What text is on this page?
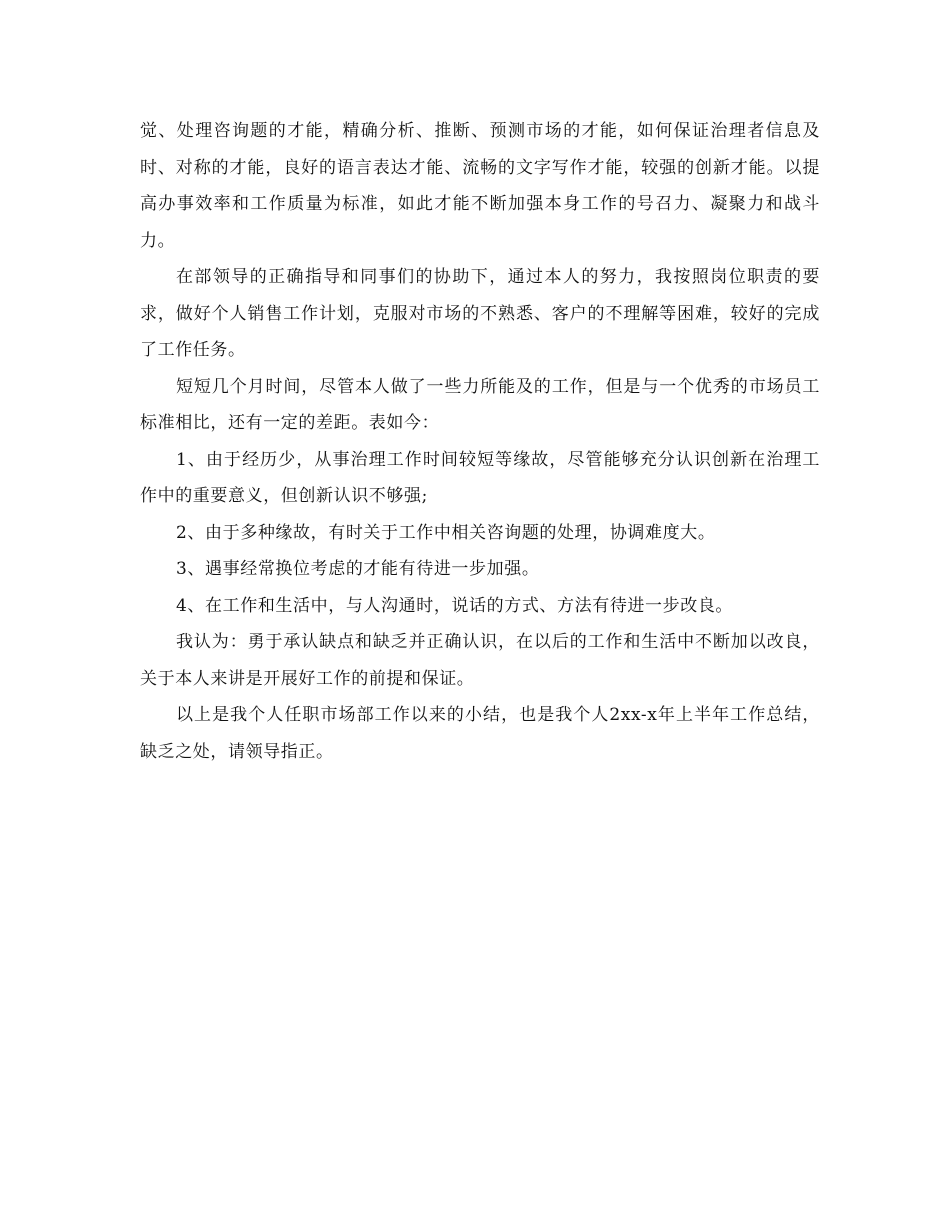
觉、处理咨询题的才能，精确分析、推断、预测市场的才能，如何保证治理者信息及时、对称的才能，良好的语言表达才能、流畅的文字写作才能，较强的创新才能。以提高办事效率和工作质量为标准，如此才能不断加强本身工作的号召力、凝聚力和战斗力。

在部领导的正确指导和同事们的协助下，通过本人的努力，我按照岗位职责的要求，做好个人销售工作计划，克服对市场的不熟悉、客户的不理解等困难，较好的完成了工作任务。

短短几个月时间，尽管本人做了一些力所能及的工作，但是与一个优秀的市场员工标准相比，还有一定的差距。表如今：

1、由于经历少，从事治理工作时间较短等缘故，尽管能够充分认识创新在治理工作中的重要意义，但创新认识不够强;

2、由于多种缘故，有时关于工作中相关咨询题的处理，协调难度大。

3、遇事经常换位考虑的才能有待进一步加强。

4、在工作和生活中，与人沟通时，说话的方式、方法有待进一步改良。

我认为：勇于承认缺点和缺乏并正确认识，在以后的工作和生活中不断加以改良，关于本人来讲是开展好工作的前提和保证。

以上是我个人任职市场部工作以来的小结，也是我个人2xx-x年上半年工作总结，缺乏之处，请领导指正。
